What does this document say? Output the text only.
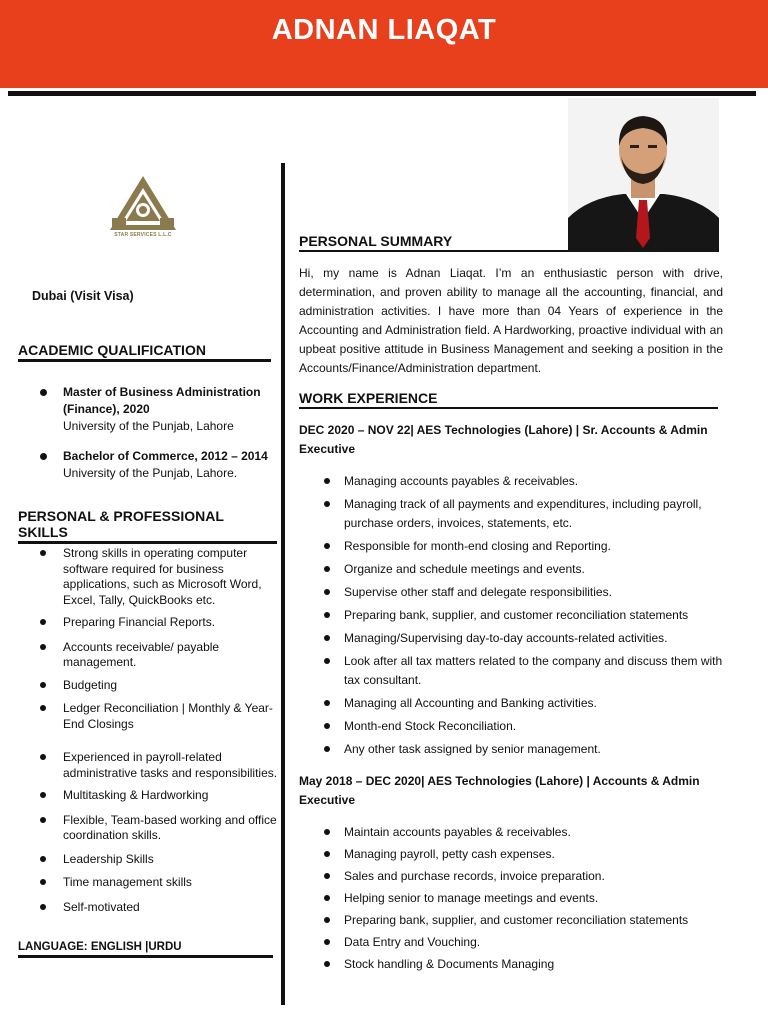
ADNAN LIAQAT
STAR SERVICES L.L.C
Dubai (Visit Visa)
ACADEMIC QUALIFICATION
Master of Business Administration (Finance), 2020
University of the Punjab, Lahore
Bachelor of Commerce, 2012 – 2014
University of the Punjab, Lahore.
PERSONAL & PROFESSIONAL SKILLS
Strong skills in operating computer software required for business applications, such as Microsoft Word, Excel, Tally, QuickBooks etc.
Preparing Financial Reports.
Accounts receivable/ payable management.
Budgeting
Ledger Reconciliation | Monthly & Year-End Closings
Experienced in payroll-related administrative tasks and responsibilities.
Multitasking & Hardworking
Flexible, Team-based working and office coordination skills.
Leadership Skills
Time management skills
Self-motivated
LANGUAGE: ENGLISH |URDU
PERSONAL SUMMARY
Hi, my name is Adnan Liaqat. I’m an enthusiastic person with drive, determination, and proven ability to manage all the accounting, financial, and administration activities. I have more than 04 Years of experience in the Accounting and Administration field. A Hardworking, proactive individual with an upbeat positive attitude in Business Management and seeking a position in the Accounts/Finance/Administration department.
WORK EXPERIENCE
DEC 2020 – NOV 22| AES Technologies (Lahore) | Sr. Accounts & Admin Executive
Managing accounts payables & receivables.
Managing track of all payments and expenditures, including payroll, purchase orders, invoices, statements, etc.
Responsible for month-end closing and Reporting.
Organize and schedule meetings and events.
Supervise other staff and delegate responsibilities.
Preparing bank, supplier, and customer reconciliation statements
Managing/Supervising day-to-day accounts-related activities.
Look after all tax matters related to the company and discuss them with tax consultant.
Managing all Accounting and Banking activities.
Month-end Stock Reconciliation.
Any other task assigned by senior management.
May 2018 – DEC 2020| AES Technologies (Lahore) | Accounts & Admin Executive
Maintain accounts payables & receivables.
Managing payroll, petty cash expenses.
Sales and purchase records, invoice preparation.
Helping senior to manage meetings and events.
Preparing bank, supplier, and customer reconciliation statements
Data Entry and Vouching.
Stock handling & Documents Managing
